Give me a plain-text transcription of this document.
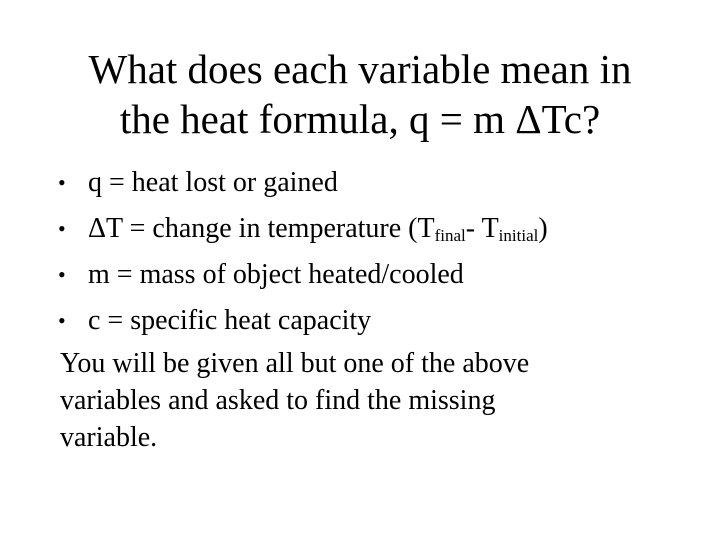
What does each variable mean in
the heat formula, q = m ΔTc?
• q = heat lost or gained
• ΔT = change in temperature ($T_{final}-$ $T_{initial}$)
• m = mass of object heated/cooled
• c = specific heat capacity
You will be given all but one of the above
variables and asked to find the missing
variable.
